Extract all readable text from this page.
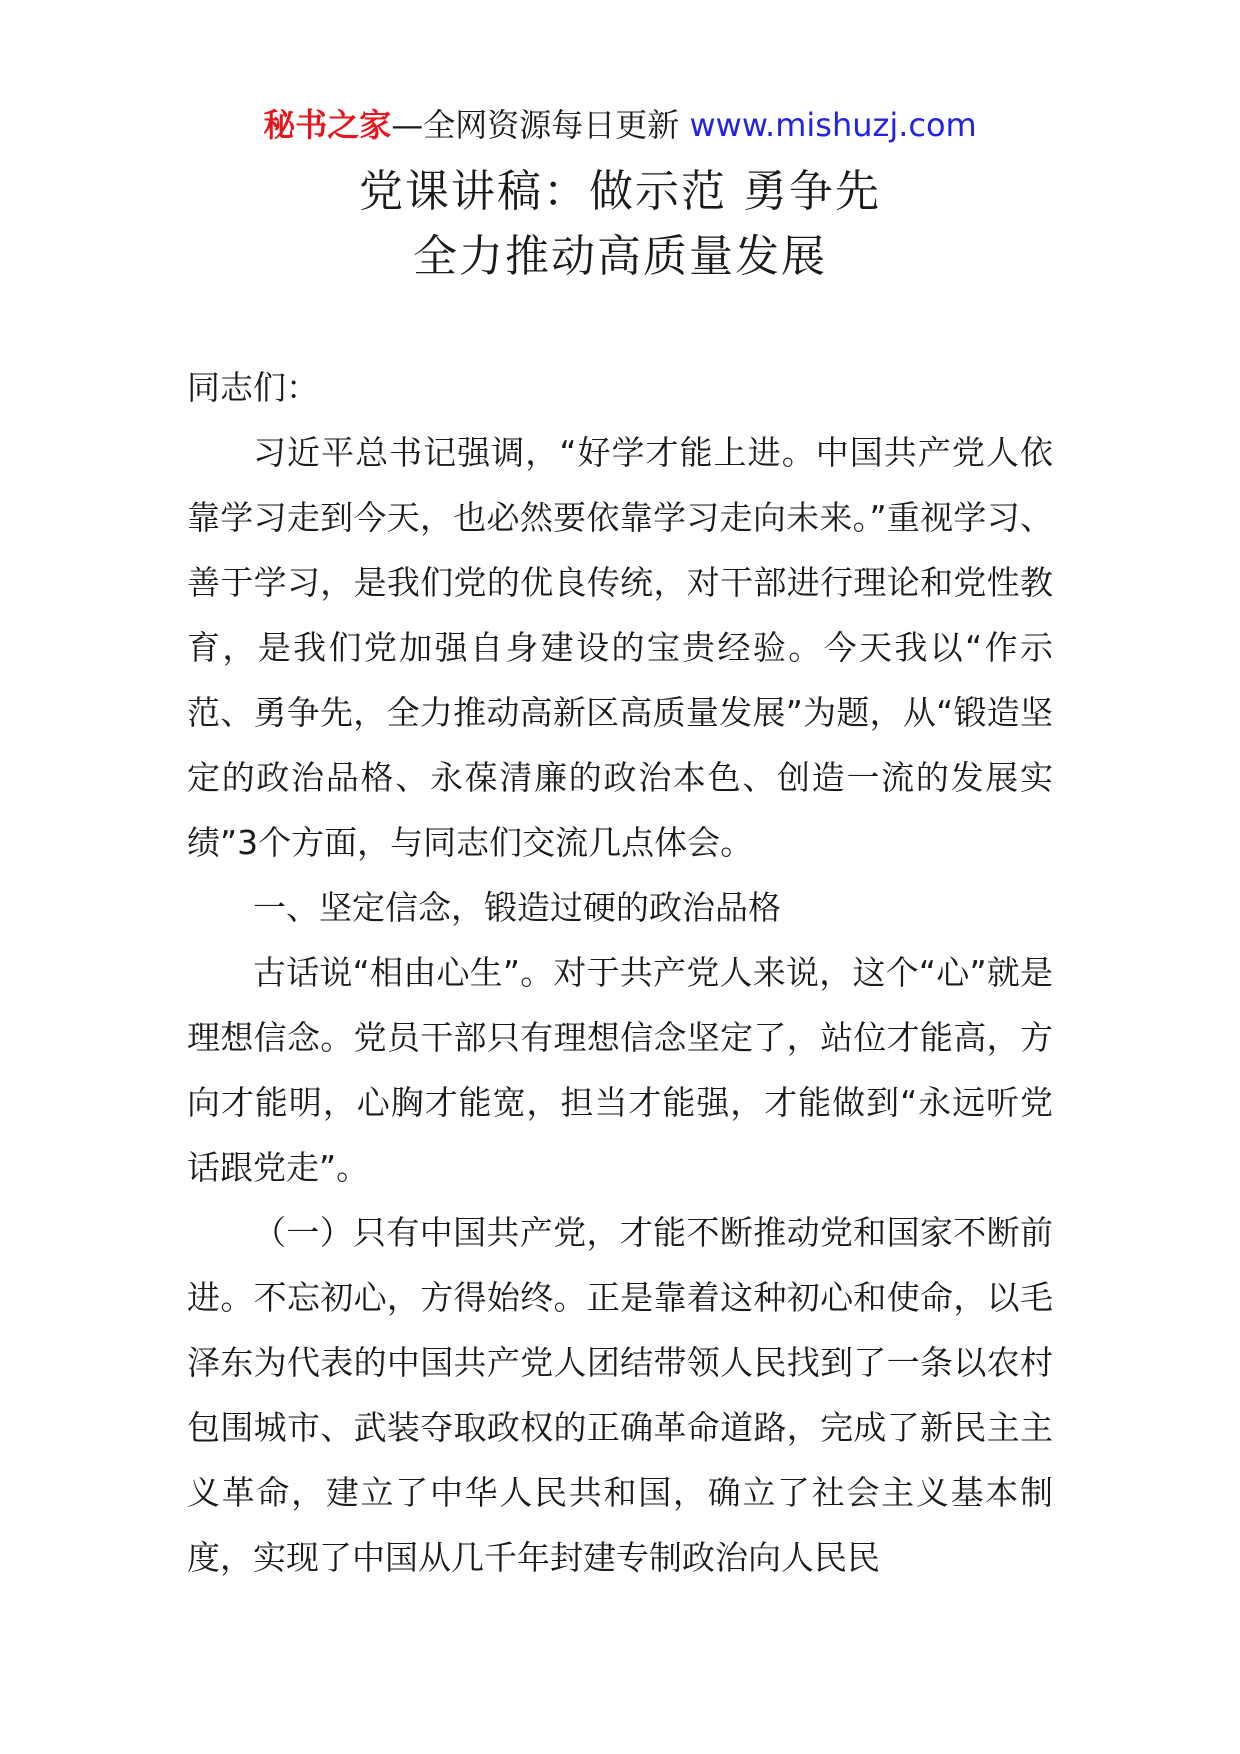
秘书之家—全网资源每日更新 www.mishuzj.com
党课讲稿：做示范 勇争先
全力推动高质量发展

同志们：

习近平总书记强调，“好学才能上进。中国共产党人依靠学习走到今天，也必然要依靠学习走向未来。”重视学习、善于学习，是我们党的优良传统，对干部进行理论和党性教育，是我们党加强自身建设的宝贵经验。今天我以“作示范、勇争先，全力推动高新区高质量发展”为题，从“锻造坚定的政治品格、永葆清廉的政治本色、创造一流的发展实绩”3个方面，与同志们交流几点体会。

一、坚定信念，锻造过硬的政治品格

古话说“相由心生”。对于共产党人来说，这个“心”就是理想信念。党员干部只有理想信念坚定了，站位才能高，方向才能明，心胸才能宽，担当才能强，才能做到“永远听党话跟党走”。

（一）只有中国共产党，才能不断推动党和国家不断前进。不忘初心，方得始终。正是靠着这种初心和使命，以毛泽东为代表的中国共产党人团结带领人民找到了一条以农村包围城市、武装夺取政权的正确革命道路，完成了新民主主义革命，建立了中华人民共和国，确立了社会主义基本制度，实现了中国从几千年封建专制政治向人民民
